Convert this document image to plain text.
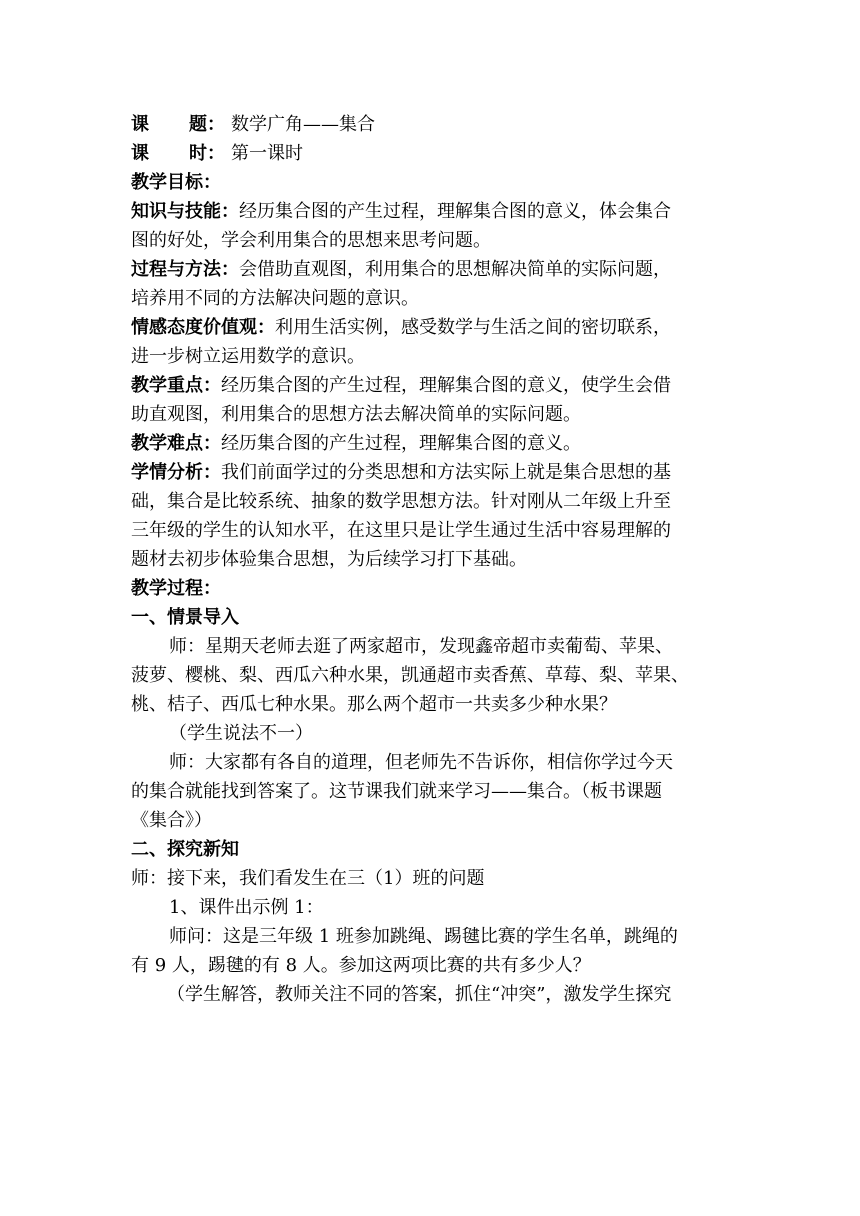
课 题： 数学广角——集合
课 时： 第一课时
教学目标：
知识与技能：经历集合图的产生过程，理解集合图的意义，体会集合
图的好处，学会利用集合的思想来思考问题。
过程与方法：会借助直观图，利用集合的思想解决简单的实际问题，
培养用不同的方法解决问题的意识。
情感态度价值观：利用生活实例，感受数学与生活之间的密切联系，
进一步树立运用数学的意识。
教学重点：经历集合图的产生过程，理解集合图的意义，使学生会借
助直观图，利用集合的思想方法去解决简单的实际问题。
教学难点：经历集合图的产生过程，理解集合图的意义。
学情分析：我们前面学过的分类思想和方法实际上就是集合思想的基
础，集合是比较系统、抽象的数学思想方法。针对刚从二年级上升至
三年级的学生的认知水平，在这里只是让学生通过生活中容易理解的
题材去初步体验集合思想，为后续学习打下基础。
教学过程：
一、情景导入
师：星期天老师去逛了两家超市，发现鑫帝超市卖葡萄、苹果、
菠萝、樱桃、梨、西瓜六种水果，凯通超市卖香蕉、草莓、梨、苹果、
桃、桔子、西瓜七种水果。那么两个超市一共卖多少种水果？
（学生说法不一）
师：大家都有各自的道理，但老师先不告诉你，相信你学过今天
的集合就能找到答案了。这节课我们就来学习——集合。（板书课题
《集合》）
二、探究新知
师：接下来，我们看发生在三（1）班的问题
1、课件出示例 1：
师问：这是三年级 1 班参加跳绳、踢毽比赛的学生名单，跳绳的
有 9 人，踢毽的有 8 人。参加这两项比赛的共有多少人？
（学生解答，教师关注不同的答案，抓住“冲突”，激发学生探究
